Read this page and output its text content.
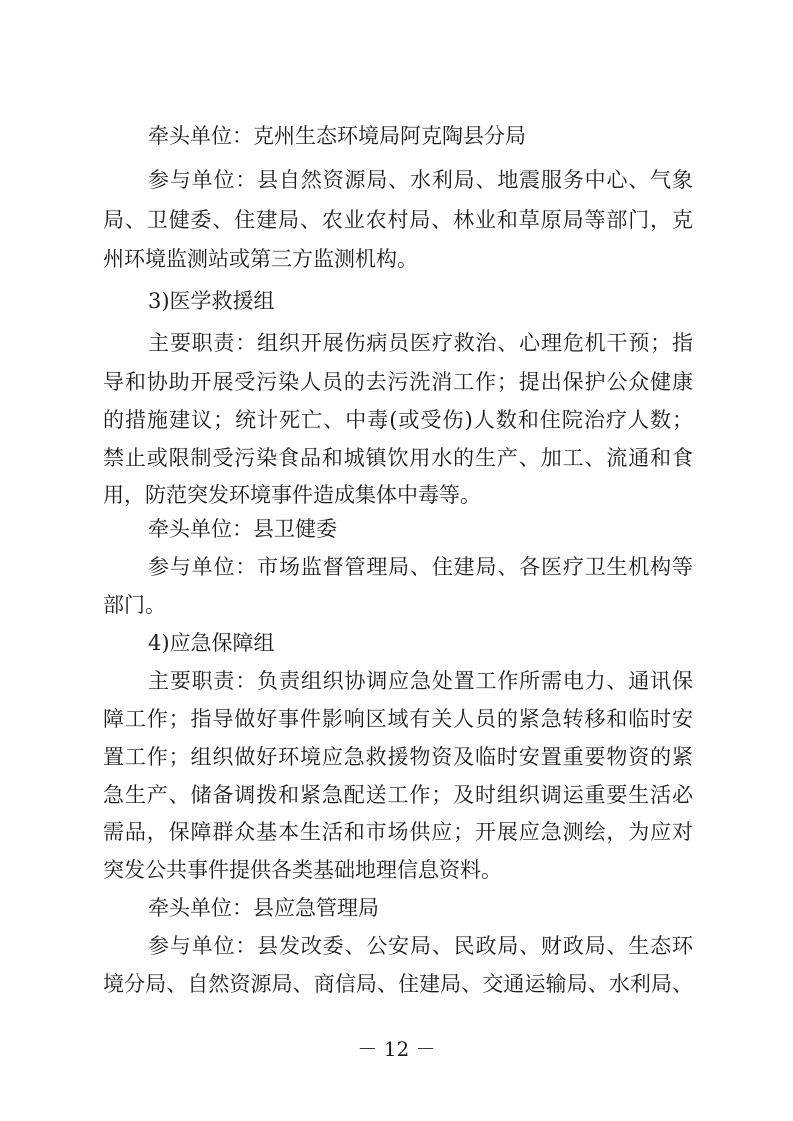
牵头单位：克州生态环境局阿克陶县分局
参与单位：县自然资源局、水利局、地震服务中心、气象
局、卫健委、住建局、农业农村局、林业和草原局等部门，克
州环境监测站或第三方监测机构。
3)医学救援组
主要职责：组织开展伤病员医疗救治、心理危机干预；指
导和协助开展受污染人员的去污洗消工作；提出保护公众健康
的措施建议；统计死亡、中毒(或受伤)人数和住院治疗人数；
禁止或限制受污染食品和城镇饮用水的生产、加工、流通和食
用，防范突发环境事件造成集体中毒等。
牵头单位：县卫健委
参与单位：市场监督管理局、住建局、各医疗卫生机构等
部门。
4)应急保障组
主要职责：负责组织协调应急处置工作所需电力、通讯保
障工作；指导做好事件影响区域有关人员的紧急转移和临时安
置工作；组织做好环境应急救援物资及临时安置重要物资的紧
急生产、储备调拨和紧急配送工作；及时组织调运重要生活必
需品，保障群众基本生活和市场供应；开展应急测绘，为应对
突发公共事件提供各类基础地理信息资料。
牵头单位：县应急管理局
参与单位：县发改委、公安局、民政局、财政局、生态环
境分局、自然资源局、商信局、住建局、交通运输局、水利局、
－ 12 －
